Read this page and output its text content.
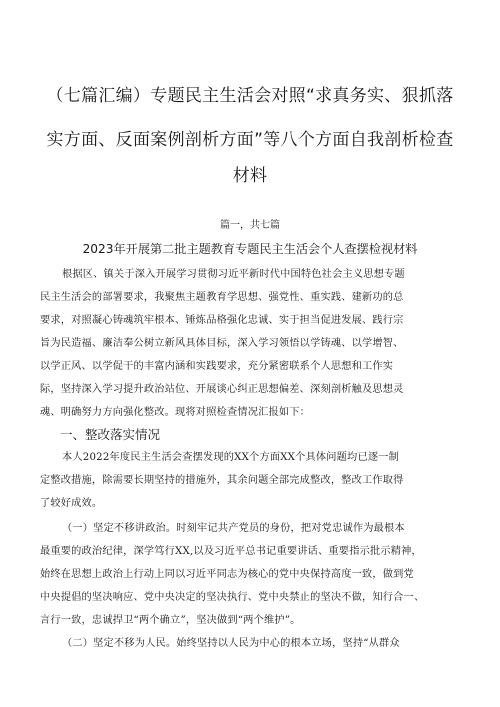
（七篇汇编）专题民主生活会对照“求真务实、狠抓落
实方面、反面案例剖析方面”等八个方面自我剖析检查
材料

篇一，共七篇

2023年开展第二批主题教育专题民主生活会个人查摆检视材料

根据区、镇关于深入开展学习贯彻习近平新时代中国特色社会主义思想专题

民主生活会的部署要求，我聚焦主题教育学思想、强党性、重实践、建新功的总

要求，对照凝心铸魂筑牢根本、锤炼品格强化忠诚、实于担当促进发展、践行宗

旨为民造福、廉洁奉公树立新风具体目标，深入学习领悟以学铸魂、以学增智、

以学正风、以学促干的丰富内涵和实践要求，充分紧密联系个人思想和工作实

际，坚持深入学习提升政治站位、开展谈心纠正思想偏差、深刻剖析触及思想灵

魂、明确努力方向强化整改。现将对照检查情况汇报如下：

一、整改落实情况

本人2022年度民主生活会查摆发现的XX个方面XX个具体问题均已逐一制

定整改措施，除需要长期坚持的措施外，其余问题全部完成整改，整改工作取得

了较好成效。

（一）坚定不移讲政治。时刻牢记共产党员的身份，把对党忠诚作为最根本

最重要的政治纪律，深学笃行XX,以及习近平总书记重要讲话、重要指示批示精神，

始终在思想上政治上行动上同以习近平同志为核心的党中央保持高度一致，做到党

中央提倡的坚决响应、党中央决定的坚决执行、党中央禁止的坚决不做，知行合一、

言行一致，忠诚捍卫“两个确立”，坚决做到“两个维护”。

（二）坚定不移为人民。始终坚持以人民为中心的根本立场，坚持“从群众
